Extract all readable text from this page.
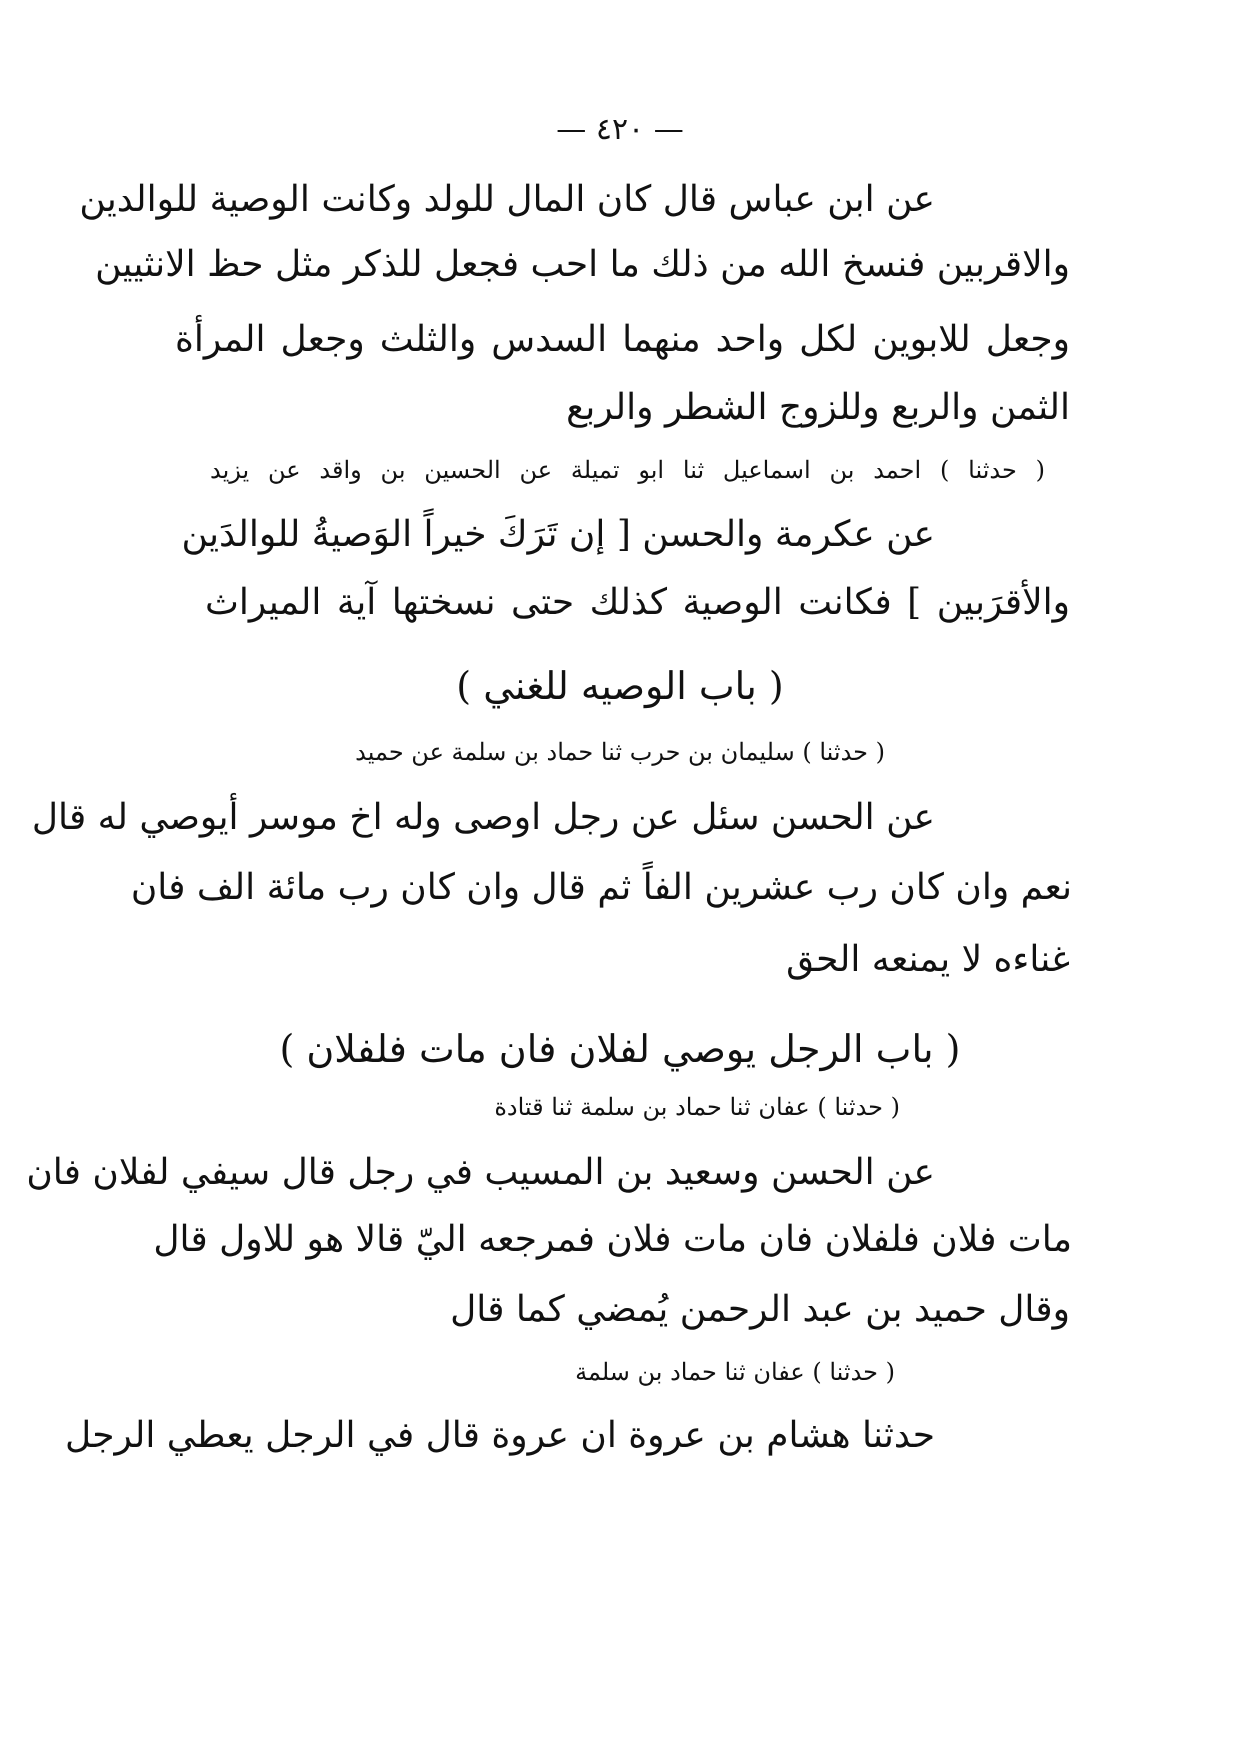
— ٤٢٠ —
عن ابن عباس قال كان المال للولد وكانت الوصية للوالدين
والاقربين فنسخ الله من ذلك ما احب فجعل للذكر مثل حظ الانثيين
وجعل للابوين لكل واحد منهما السدس والثلث وجعل المرأة
الثمن والربع وللزوج الشطر والربع
( حدثنا ) احمد بن اسماعيل ثنا ابو تميلة عن الحسين بن واقد عن يزيد
عن عكرمة والحسن [ إن تَرَكَ خيراً الوَصيةُ للوالدَين
والأقرَبين ] فكانت الوصية كذلك حتى نسختها آية الميراث
( باب الوصيه للغني )
( حدثنا ) سليمان بن حرب ثنا حماد بن سلمة عن حميد
عن الحسن سئل عن رجل اوصى وله اخ موسر أيوصي له قال
نعم وان كان رب عشرين الفاً ثم قال وان كان رب مائة الف فان
غناءه لا يمنعه الحق
( باب الرجل يوصي لفلان فان مات فلفلان )
( حدثنا ) عفان ثنا حماد بن سلمة ثنا قتادة
عن الحسن وسعيد بن المسيب في رجل قال سيفي لفلان فان
مات فلان فلفلان فان مات فلان فمرجعه اليّ قالا هو للاول قال
وقال حميد بن عبد الرحمن يُمضي كما قال
( حدثنا ) عفان ثنا حماد بن سلمة
حدثنا هشام بن عروة ان عروة قال في الرجل يعطي الرجل
